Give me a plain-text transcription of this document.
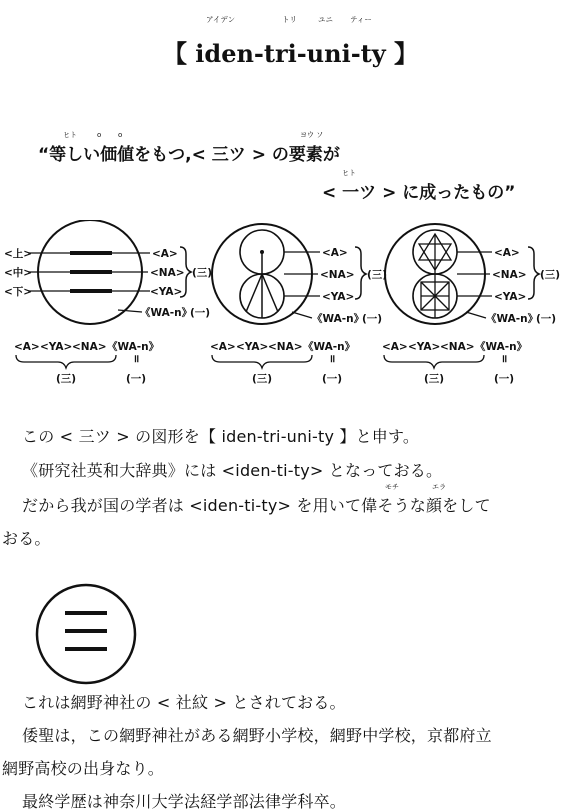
アイデン	トリ	ユニ ティー
【 iden-tri-uni-ty 】
ヒト	o o	ヨウ ソ
“等しい価値をもつ,< 三ツ > の要素が
ヒト
< 一ツ > に成ったもの”
<上>
<中>
<下>
<A>
<NA>
<YA>
(三)
《WA-n》
(一)
<A>
<NA>
<YA>
(三)
《WA-n》
(一)
<A>
<NA>
<YA>
(三)
《WA-n》
(一)
<A> <YA> <NA> 《WA-n》
॥
(三)	(一)
<A> <YA> <NA> 《WA-n》
॥
(三)	(一)
<A> <YA> <NA> 《WA-n》
॥
(三)	(一)
この < 三ツ > の図形を【 iden-tri-uni-ty 】と申す。
《研究社英和大辞典》には <iden-ti-ty> となっておる。
モチ	エラ
だから我が国の学者は <iden-ti-ty> を用いて偉そうな顔をして
おる。
これは網野神社の < 社紋 > とされておる。
倭聖は，この網野神社がある網野小学校，網野中学校，京都府立
網野高校の出身なり。
最終学歴は神奈川大学法経学部法律学科卒。
